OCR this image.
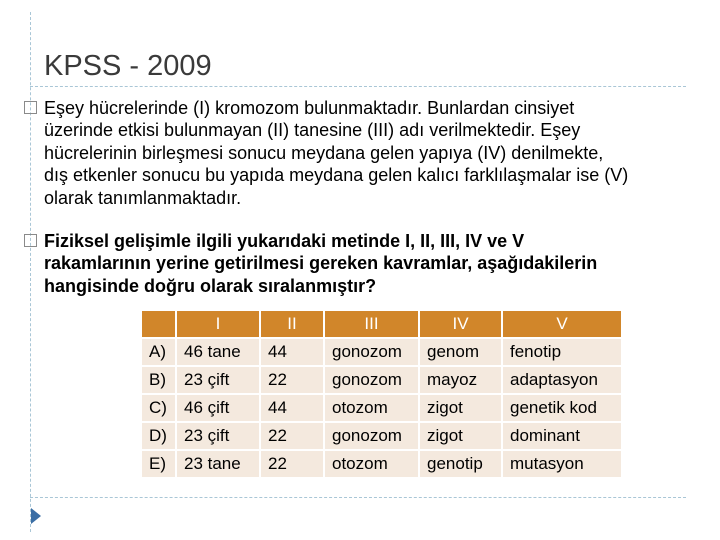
KPSS - 2009
Eşey hücrelerinde (I) kromozom bulunmaktadır. Bunlardan cinsiyet
üzerinde etkisi bulunmayan (II) tanesine (III) adı verilmektedir. Eşey
hücrelerinin birleşmesi sonucu meydana gelen yapıya (IV) denilmekte,
dış etkenler sonucu bu yapıda meydana gelen kalıcı farklılaşmalar ise (V)
olarak tanımlanmaktadır.
Fiziksel gelişimle ilgili yukarıdaki metinde I, II, III, IV ve V
rakamlarının yerine getirilmesi gereken kavramlar, aşağıdakilerin
hangisinde doğru olarak sıralanmıştır?
	I	II	III	IV	V
A)	46 tane	44	gonozom	genom	fenotip
B)	23 çift	22	gonozom	mayoz	adaptasyon
C)	46 çift	44	otozom	zigot	genetik kod
D)	23 çift	22	gonozom	zigot	dominant
E)	23 tane	22	otozom	genotip	mutasyon
